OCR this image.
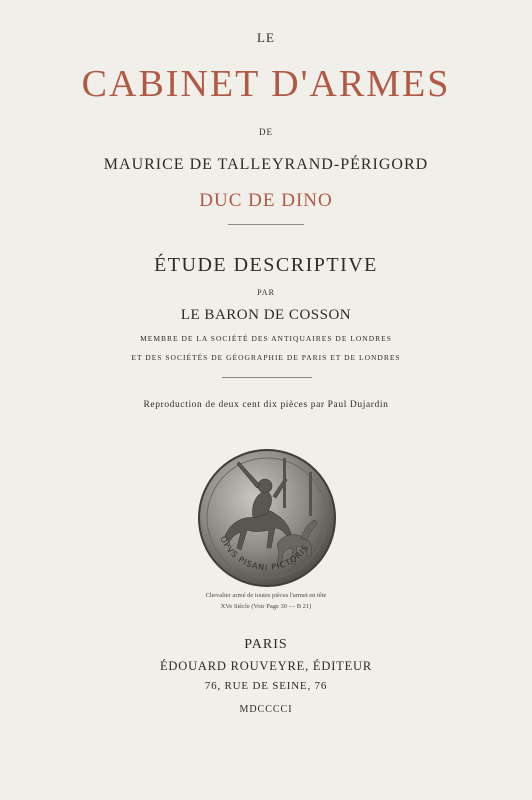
LE
CABINET D'ARMES
DE
MAURICE DE TALLEYRAND-PÉRIGORD
DUC DE DINO
ÉTUDE DESCRIPTIVE
PAR
LE BARON DE COSSON
MEMBRE DE LA SOCIÉTÉ DES ANTIQUAIRES DE LONDRES
ET DES SOCIÉTÉS DE GÉOGRAPHIE DE PARIS ET DE LONDRES
Reproduction de deux cent dix pièces par Paul Dujardin
OPVS PISANI PICTORIS
Chevalier armé de toutes pièces l'armet en tête
XVe Siècle (Voir Page 30 — B 21)
PARIS
ÉDOUARD ROUVEYRE, ÉDITEUR
76, RUE DE SEINE, 76
MDCCCCI
